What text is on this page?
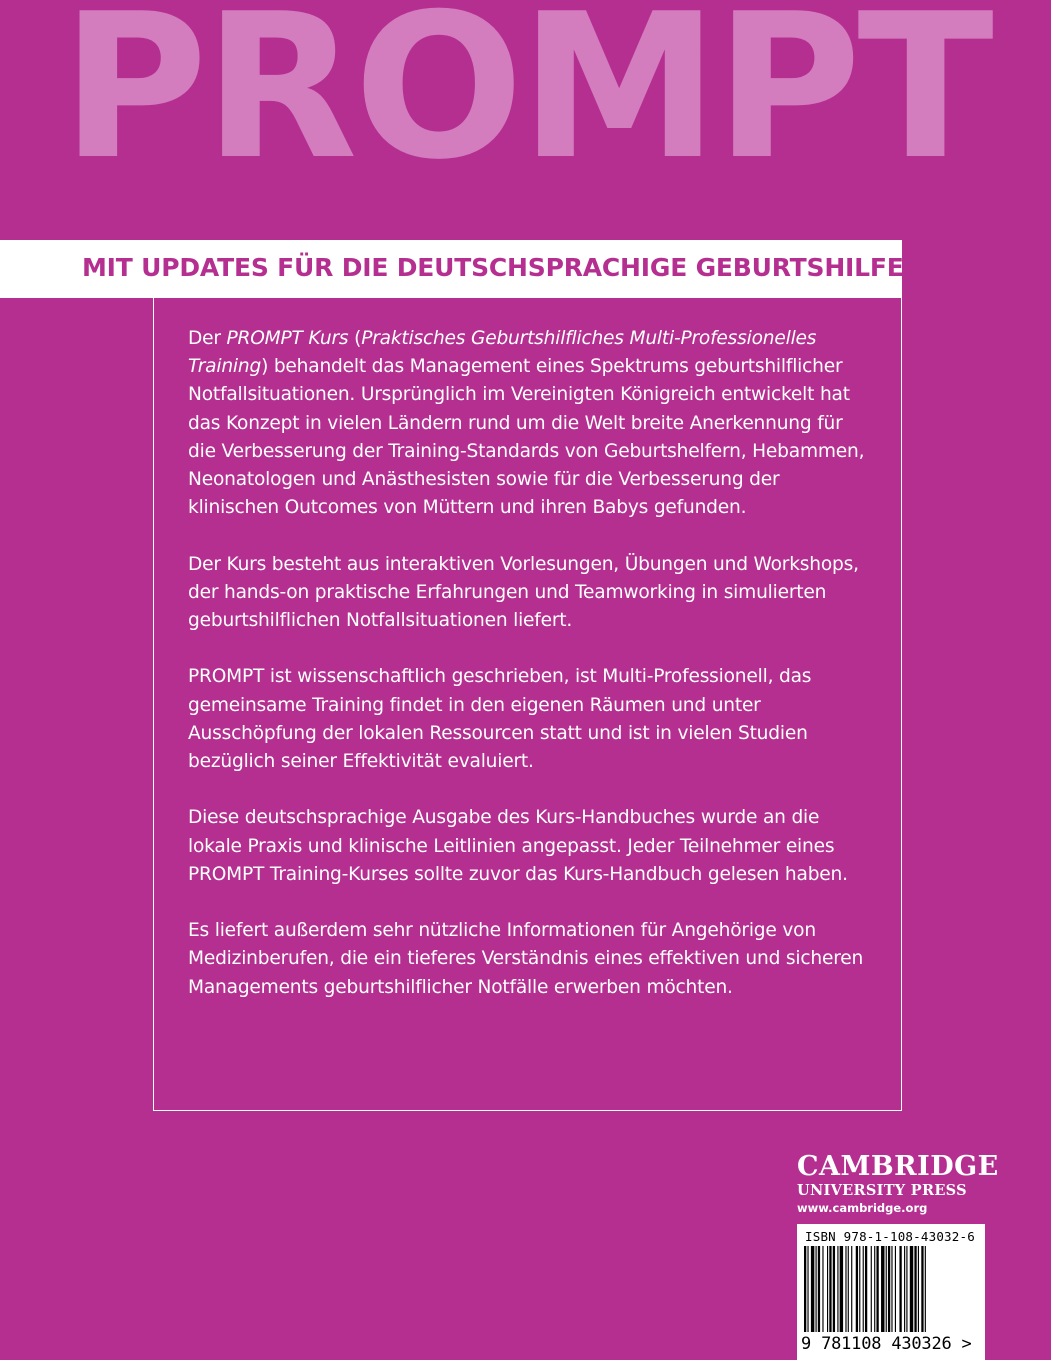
PROMPT
MIT UPDATES FÜR DIE DEUTSCHSPRACHIGE GEBURTSHILFE

Der PROMPT Kurs (Praktisches Geburtshilfliches Multi-Professionelles Training) behandelt das Management eines Spektrums geburtshilflicher Notfallsituationen. Ursprünglich im Vereinigten Königreich entwickelt hat das Konzept in vielen Ländern rund um die Welt breite Anerkennung für die Verbesserung der Training-Standards von Geburtshelfern, Hebammen, Neonatologen und Anästhesisten sowie für die Verbesserung der klinischen Outcomes von Müttern und ihren Babys gefunden.

Der Kurs besteht aus interaktiven Vorlesungen, Übungen und Workshops, der hands-on praktische Erfahrungen und Teamworking in simulierten geburtshilflichen Notfallsituationen liefert.

PROMPT ist wissenschaftlich geschrieben, ist Multi-Professionell, das gemeinsame Training findet in den eigenen Räumen und unter Ausschöpfung der lokalen Ressourcen statt und ist in vielen Studien bezüglich seiner Effektivität evaluiert.

Diese deutschsprachige Ausgabe des Kurs-Handbuches wurde an die lokale Praxis und klinische Leitlinien angepasst. Jeder Teilnehmer eines PROMPT Training-Kurses sollte zuvor das Kurs-Handbuch gelesen haben.

Es liefert außerdem sehr nützliche Informationen für Angehörige von Medizinberufen, die ein tieferes Verständnis eines effektiven und sicheren Managements geburtshilflicher Notfälle erwerben möchten.

CAMBRIDGE
UNIVERSITY PRESS
www.cambridge.org
ISBN 978-1-108-43032-6
9 781108 430326 >
